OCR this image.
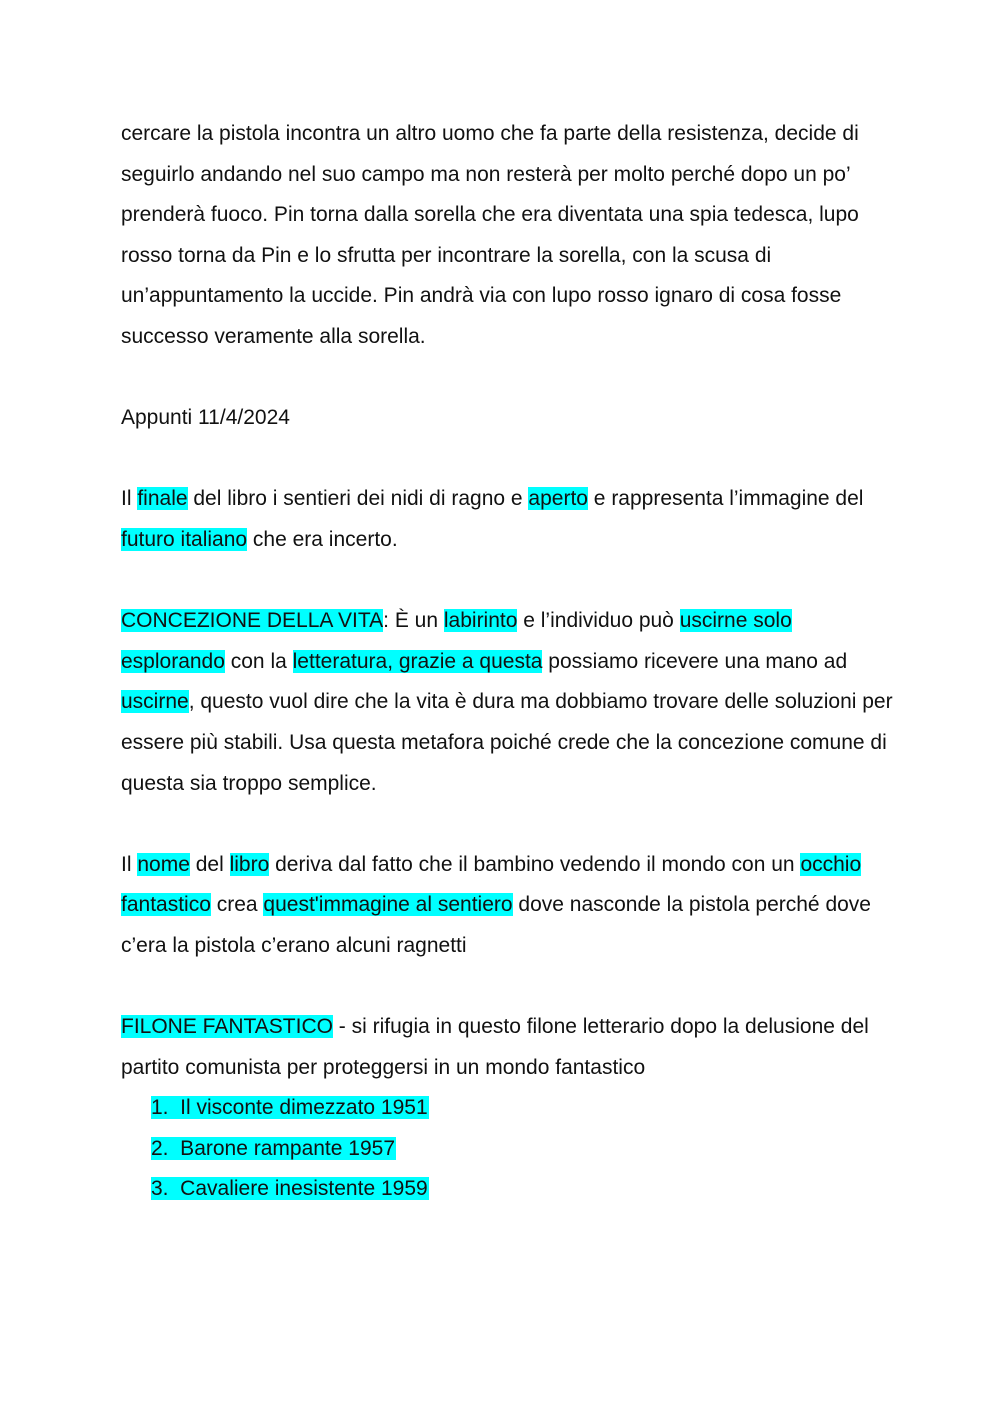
cercare la pistola incontra un altro uomo che fa parte della resistenza, decide di seguirlo andando nel suo campo ma non resterà per molto perché dopo un po’ prenderà fuoco. Pin torna dalla sorella che era diventata una spia tedesca, lupo rosso torna da Pin e lo sfrutta per incontrare la sorella, con la scusa di un’appuntamento la uccide. Pin andrà via con lupo rosso ignaro di cosa fosse successo veramente alla sorella.

Appunti 11/4/2024

Il finale del libro i sentieri dei nidi di ragno e aperto e rappresenta l’immagine del futuro italiano che era incerto.

CONCEZIONE DELLA VITA: È un labirinto e l’individuo può uscirne solo esplorando con la letteratura, grazie a questa possiamo ricevere una mano ad uscirne, questo vuol dire che la vita è dura ma dobbiamo trovare delle soluzioni per essere più stabili. Usa questa metafora poiché crede che la concezione comune di questa sia troppo semplice.

Il nome del libro deriva dal fatto che il bambino vedendo il mondo con un occhio fantastico crea quest'immagine al sentiero dove nasconde la pistola perché dove c’era la pistola c’erano alcuni ragnetti

FILONE FANTASTICO - si rifugia in questo filone letterario dopo la delusione del partito comunista per proteggersi in un mondo fantastico

1.  Il visconte dimezzato 1951
2.  Barone rampante 1957
3.  Cavaliere inesistente 1959
